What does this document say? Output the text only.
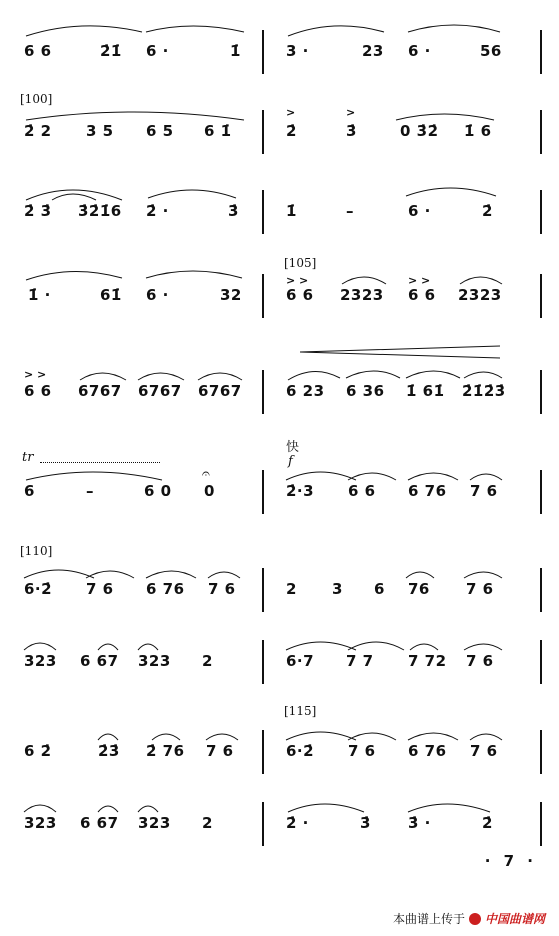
6 6	2̇1̇ 6 ·	1̇	3 ·	23 6 ·	56
[100]
2̇ 2 3 5 6 5 6 1̇
>	>
2̇	3̇	0 3̇2̇ 1̇ 6
2̇ 3̇ 3̇2̇1̇6 2̇ ·	3̇	1̇	–	6 ·	2̇
1̇ ·	61̇ 6 ·	32
[105]
> >	> >
6 6 2323 6 6 2323
> >
6 6 6767 6767 6767	6 23 6 36 1̇ 61̇ 2̇1̇2̇3̇
tr
快
f
𝄐
6	–	6 0 0	2̇·3 6 6 6 76 7 6
[110]
6·2̇ 7 6 6 76 7 6	2 3 6 76 7 6
323 6 67 323 2	6·7 7 7 7 72 7 6
6 2̇	2̇3̇ 2̇ 76 7 6
[115]
6·2̇ 7 6 6 76 7 6
323 6 67 323 2	2̇ ·	3̇ 3̇ ·	2̇
· 7 ·
本曲谱上传于 中国曲谱网
